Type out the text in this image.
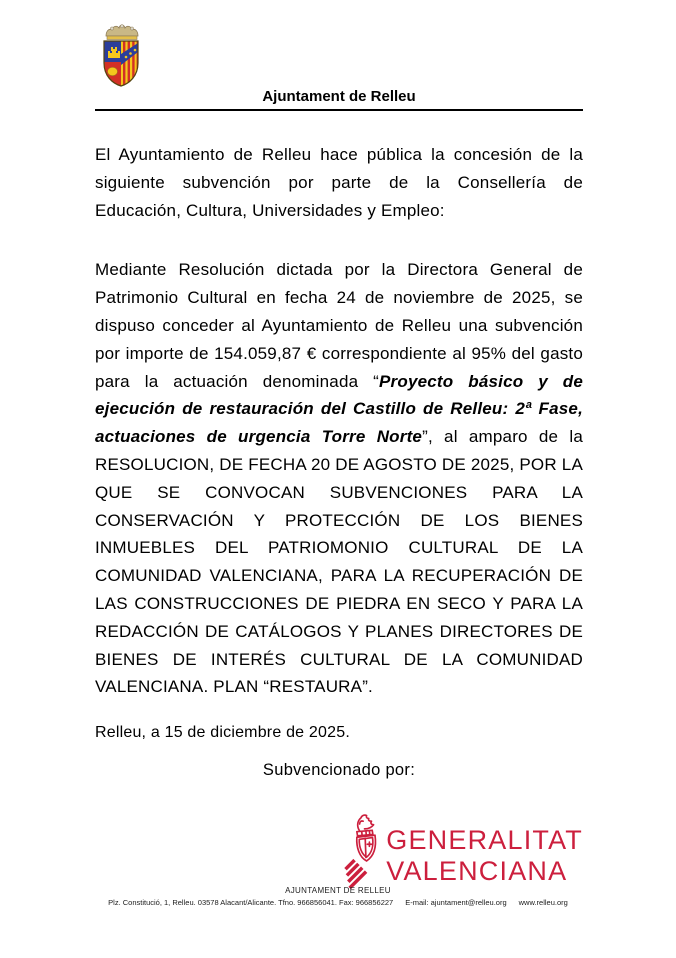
Ajuntament de Relleu

El Ayuntamiento de Relleu hace pública la concesión de la siguiente subvención por parte de la Consellería de Educación, Cultura, Universidades y Empleo:

Mediante Resolución dictada por la Directora General de Patrimonio Cultural en fecha 24 de noviembre de 2025, se dispuso conceder al Ayuntamiento de Relleu una subvención por importe de 154.059,87 € correspondiente al 95% del gasto para la actuación denominada “Proyecto básico y de ejecución de restauración del Castillo de Relleu: 2ª Fase, actuaciones de urgencia Torre Norte”, al amparo de la RESOLUCION, DE FECHA 20 DE AGOSTO DE 2025, POR LA QUE SE CONVOCAN SUBVENCIONES PARA LA CONSERVACIÓN Y PROTECCIÓN DE LOS BIENES INMUEBLES DEL PATRIOMONIO CULTURAL DE LA COMUNIDAD VALENCIANA, PARA LA RECUPERACIÓN DE LAS CONSTRUCCIONES DE PIEDRA EN SECO Y PARA LA REDACCIÓN DE CATÁLOGOS Y PLANES DIRECTORES DE BIENES DE INTERÉS CULTURAL DE LA COMUNIDAD VALENCIANA. PLAN “RESTAURA”.

Relleu, a 15 de diciembre de 2025.

Subvencionado por:

GENERALITAT
VALENCIANA
AJUNTAMENT DE RELLEU
Plz. Constitució, 1, Relleu. 03578 Alacant/Alicante. Tfno. 966856041. Fax: 966856227 E-mail: ajuntament@relleu.org www.relleu.org
